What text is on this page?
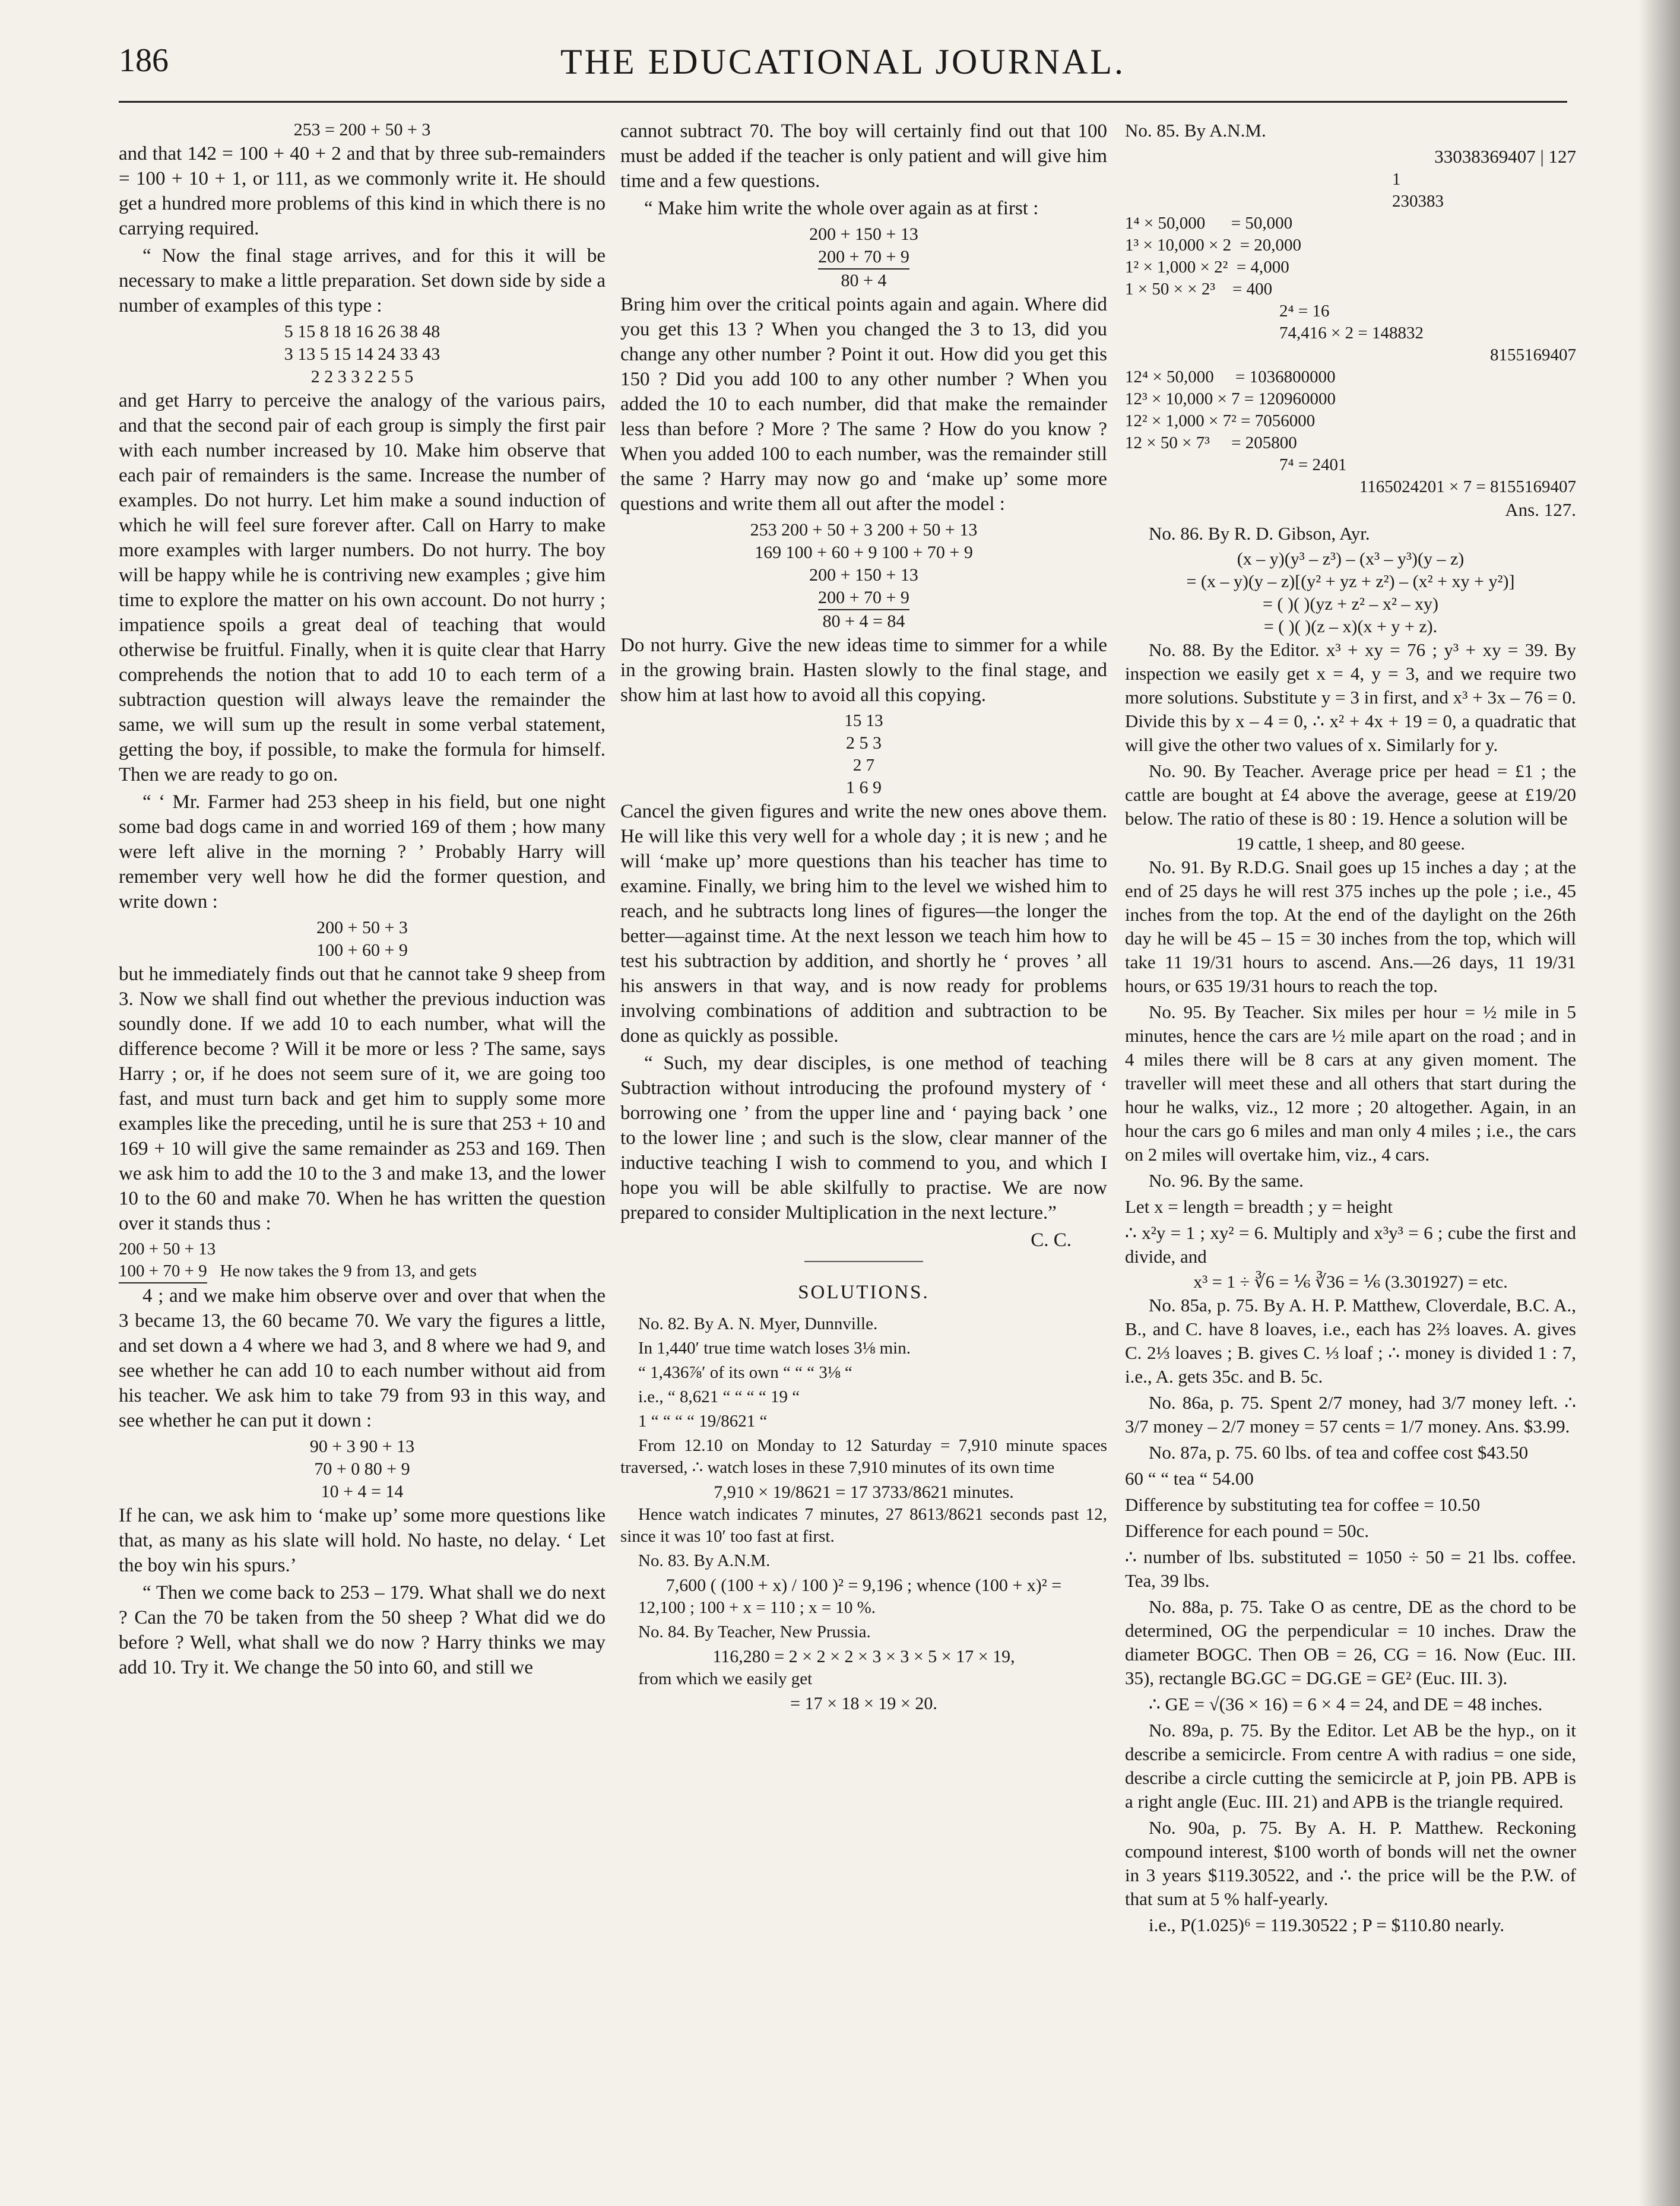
186	THE EDUCATIONAL JOURNAL.
253 = 200 + 50 + 3

and that 142 = 100 + 40 + 2 and that by three sub-remainders = 100 + 10 + 1, or 111, as we commonly write it. He should get a hundred more problems of this kind in which there is no carrying required.

“ Now the final stage arrives, and for this it will be necessary to make a little preparation. Set down side by side a number of examples of this type :

5 15 8 18 16 26 38 48
3 13 5 15 14 24 33 43
2 2 3 3 2 2 5 5

and get Harry to perceive the analogy of the various pairs, and that the second pair of each group is simply the first pair with each number increased by 10. Make him observe that each pair of remainders is the same. Increase the number of examples. Do not hurry. Let him make a sound induction of which he will feel sure forever after. Call on Harry to make more examples with larger numbers. Do not hurry. The boy will be happy while he is contriving new examples ; give him time to explore the matter on his own account. Do not hurry ; impatience spoils a great deal of teaching that would otherwise be fruitful. Finally, when it is quite clear that Harry comprehends the notion that to add 10 to each term of a subtraction question will always leave the remainder the same, we will sum up the result in some verbal statement, getting the boy, if possible, to make the formula for himself. Then we are ready to go on.

“ ‘ Mr. Farmer had 253 sheep in his field, but one night some bad dogs came in and worried 169 of them ; how many were left alive in the morning ? ’ Probably Harry will remember very well how he did the former question, and write down :

200 + 50 + 3
100 + 60 + 9

but he immediately finds out that he cannot take 9 sheep from 3. Now we shall find out whether the previous induction was soundly done. If we add 10 to each number, what will the difference become ? Will it be more or less ? The same, says Harry ; or, if he does not seem sure of it, we are going too fast, and must turn back and get him to supply some more examples like the preceding, until he is sure that 253 + 10 and 169 + 10 will give the same remainder as 253 and 169. Then we ask him to add the 10 to the 3 and make 13, and the lower 10 to the 60 and make 70. When he has written the question over it stands thus :

200 + 50 + 13
100 + 70 + 9 He now takes the 9 from 13, and gets

4 ; and we make him observe over and over that when the 3 became 13, the 60 became 70. We vary the figures a little, and set down a 4 where we had 3, and 8 where we had 9, and see whether he can add 10 to each number without aid from his teacher. We ask him to take 79 from 93 in this way, and see whether he can put it down :

90 + 3 90 + 13
70 + 0 80 + 9
10 + 4 = 14

If he can, we ask him to ‘make up’ some more questions like that, as many as his slate will hold. No haste, no delay. ‘ Let the boy win his spurs.’

“ Then we come back to 253 – 179. What shall we do next ? Can the 70 be taken from the 50 sheep ? What did we do before ? Well, what shall we do now ? Harry thinks we may add 10. Try it. We change the 50 into 60, and still we

cannot subtract 70. The boy will certainly find out that 100 must be added if the teacher is only patient and will give him time and a few questions.

“ Make him write the whole over again as at first :

200 + 150 + 13
200 + 70 + 9
80 + 4

Bring him over the critical points again and again. Where did you get this 13 ? When you changed the 3 to 13, did you change any other number ? Point it out. How did you get this 150 ? Did you add 100 to any other number ? When you added the 10 to each number, did that make the remainder less than before ? More ? The same ? How do you know ? When you added 100 to each number, was the remainder still the same ? Harry may now go and ‘make up’ some more questions and write them all out after the model :

253 200 + 50 + 3 200 + 50 + 13
169 100 + 60 + 9 100 + 70 + 9
200 + 150 + 13
200 + 70 + 9
80 + 4 = 84

Do not hurry. Give the new ideas time to simmer for a while in the growing brain. Hasten slowly to the final stage, and show him at last how to avoid all this copying.

15 13
2 5 3
2 7
1 6 9

Cancel the given figures and write the new ones above them. He will like this very well for a whole day ; it is new ; and he will ‘make up’ more questions than his teacher has time to examine. Finally, we bring him to the level we wished him to reach, and he subtracts long lines of figures—the longer the better—against time. At the next lesson we teach him how to test his subtraction by addition, and shortly he ‘ proves ’ all his answers in that way, and is now ready for problems involving combinations of addition and subtraction to be done as quickly as possible.

“ Such, my dear disciples, is one method of teaching Subtraction without introducing the profound mystery of ‘ borrowing one ’ from the upper line and ‘ paying back ’ one to the lower line ; and such is the slow, clear manner of the inductive teaching I wish to commend to you, and which I hope you will be able skilfully to practise. We are now prepared to consider Multiplication in the next lecture.”

C. C.
SOLUTIONS.

No. 82. By A. N. Myer, Dunnville.

In 1,440′ true time watch loses 3⅛ min.

“ 1,436⅞′ of its own “ “ “ 3⅛ “

i.e., “ 8,621 “ “ “ “ 19 “

1 “ “ “ “ 19/8621 “

From 12.10 on Monday to 12 Saturday = 7,910 minute spaces traversed, ∴ watch loses in these 7,910 minutes of its own time

7,910 × 19/8621 = 17 3733/8621 minutes.

Hence watch indicates 7 minutes, 27 8613/8621 seconds past 12, since it was 10′ too fast at first.

No. 83. By A.N.M.

7,600 ( (100 + x) / 100 )² = 9,196 ; whence (100 + x)² =

12,100 ; 100 + x = 110 ; x = 10 %.

No. 84. By Teacher, New Prussia.

116,280 = 2 × 2 × 2 × 3 × 3 × 5 × 17 × 19,

from which we easily get

= 17 × 18 × 19 × 20.

No. 85. By A.N.M.

33038369407 | 127
1
230383
1⁴ × 50,000      = 50,000
1³ × 10,000 × 2  = 20,000
1² × 1,000 × 2²  = 4,000
1 × 50 × × 2³    = 400
2⁴ = 16
74,416 × 2 = 148832
8155169407
12⁴ × 50,000     = 1036800000
12³ × 10,000 × 7 = 120960000
12² × 1,000 × 7² = 7056000
12 × 50 × 7³     = 205800
7⁴ = 2401
1165024201 × 7 = 8155169407
Ans. 127.

No. 86. By R. D. Gibson, Ayr.

(x – y)(y³ – z³) – (x³ – y³)(y – z)
= (x – y)(y – z)[(y² + yz + z²) – (x² + xy + y²)]
= ( )( )(yz + z² – x² – xy)
= ( )( )(z – x)(x + y + z).

No. 88. By the Editor. x³ + xy = 76 ; y³ + xy = 39. By inspection we easily get x = 4, y = 3, and we require two more solutions. Substitute y = 3 in first, and x³ + 3x – 76 = 0. Divide this by x – 4 = 0, ∴ x² + 4x + 19 = 0, a quadratic that will give the other two values of x. Similarly for y.

No. 90. By Teacher. Average price per head = £1 ; the cattle are bought at £4 above the average, geese at £19/20 below. The ratio of these is 80 : 19. Hence a solution will be

19 cattle, 1 sheep, and 80 geese.

No. 91. By R.D.G. Snail goes up 15 inches a day ; at the end of 25 days he will rest 375 inches up the pole ; i.e., 45 inches from the top. At the end of the daylight on the 26th day he will be 45 – 15 = 30 inches from the top, which will take 11 19/31 hours to ascend. Ans.—26 days, 11 19/31 hours, or 635 19/31 hours to reach the top.

No. 95. By Teacher. Six miles per hour = ½ mile in 5 minutes, hence the cars are ½ mile apart on the road ; and in 4 miles there will be 8 cars at any given moment. The traveller will meet these and all others that start during the hour he walks, viz., 12 more ; 20 altogether. Again, in an hour the cars go 6 miles and man only 4 miles ; i.e., the cars on 2 miles will overtake him, viz., 4 cars.

No. 96. By the same.

Let x = length = breadth ; y = height

∴ x²y = 1 ; xy² = 6. Multiply and x³y³ = 6 ; cube the first and divide, and

x³ = 1 ÷ ∛6 = ⅙ ∛36 = ⅙ (3.301927) = etc.

No. 85a, p. 75. By A. H. P. Matthew, Cloverdale, B.C. A., B., and C. have 8 loaves, i.e., each has 2⅔ loaves. A. gives C. 2⅓ loaves ; B. gives C. ⅓ loaf ; ∴ money is divided 1 : 7, i.e., A. gets 35c. and B. 5c.

No. 86a, p. 75. Spent 2/7 money, had 3/7 money left. ∴ 3/7 money – 2/7 money = 57 cents = 1/7 money. Ans. $3.99.

No. 87a, p. 75. 60 lbs. of tea and coffee cost $43.50

60 “ “ tea “ 54.00

Difference by substituting tea for coffee = 10.50

Difference for each pound = 50c.

∴ number of lbs. substituted = 1050 ÷ 50 = 21 lbs. coffee. Tea, 39 lbs.

No. 88a, p. 75. Take O as centre, DE as the chord to be determined, OG the perpendicular = 10 inches. Draw the diameter BOGC. Then OB = 26, CG = 16. Now (Euc. III. 35), rectangle BG.GC = DG.GE = GE² (Euc. III. 3).

∴ GE = √(36 × 16) = 6 × 4 = 24, and DE = 48 inches.

No. 89a, p. 75. By the Editor. Let AB be the hyp., on it describe a semicircle. From centre A with radius = one side, describe a circle cutting the semicircle at P, join PB. APB is a right angle (Euc. III. 21) and APB is the triangle required.

No. 90a, p. 75. By A. H. P. Matthew. Reckoning compound interest, $100 worth of bonds will net the owner in 3 years $119.30522, and ∴ the price will be the P.W. of that sum at 5 % half-yearly.

i.e., P(1.025)⁶ = 119.30522 ; P = $110.80 nearly.
